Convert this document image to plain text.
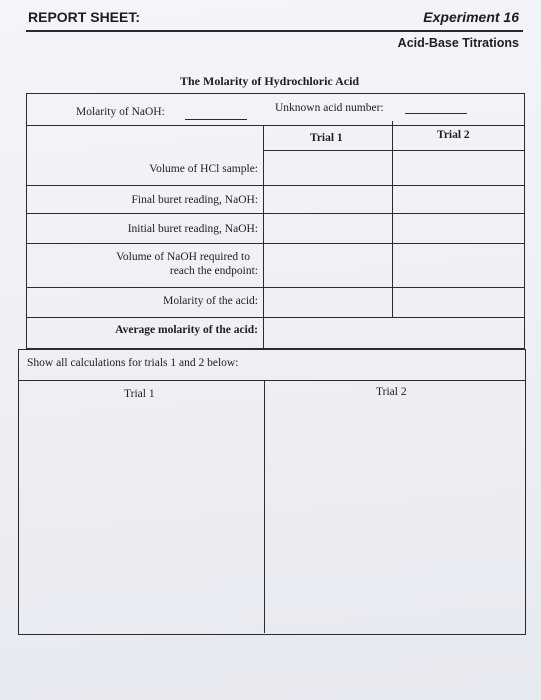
REPORT SHEET:	Experiment 16
Acid-Base Titrations
The Molarity of Hydrochloric Acid
Molarity of NaOH:	Unknown acid number:
Trial 1	Trial 2
Volume of HCl sample:
Final buret reading, NaOH:
Initial buret reading, NaOH:
Volume of NaOH required to
reach the endpoint:
Molarity of the acid:
Average molarity of the acid:
Show all calculations for trials 1 and 2 below:
Trial 1	Trial 2
